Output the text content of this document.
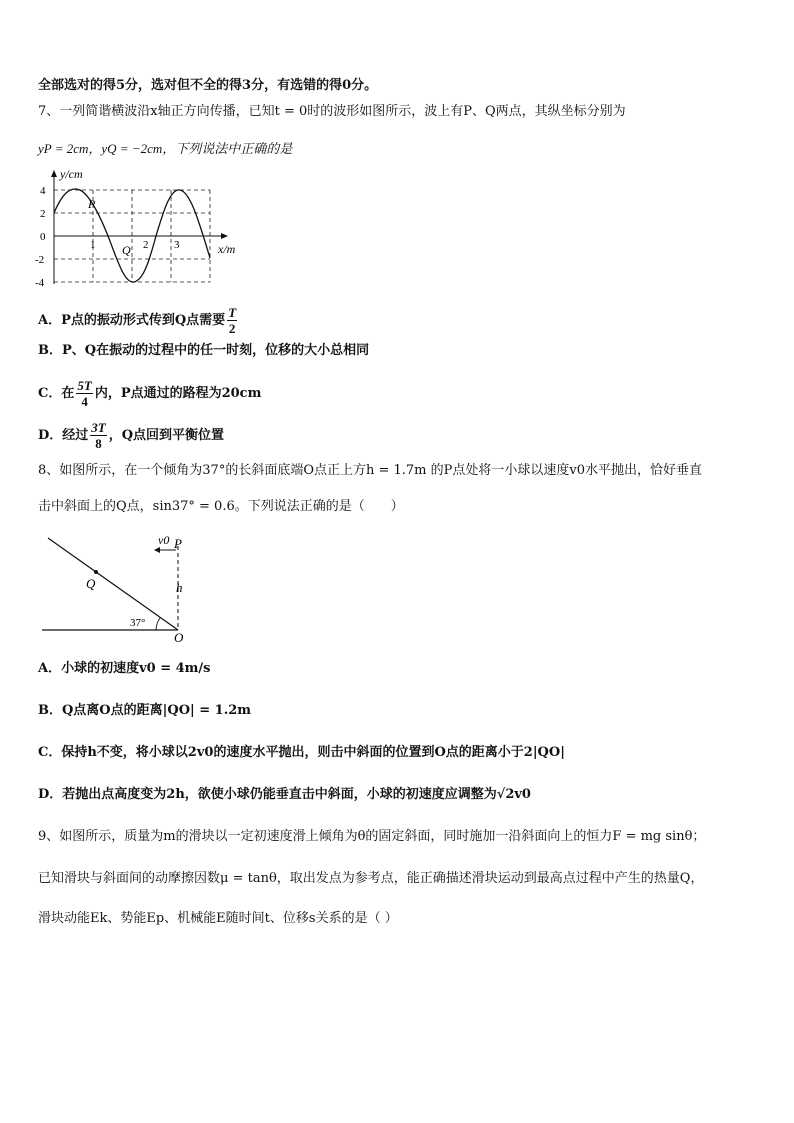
全部选对的得5分，选对但不全的得3分，有选错的得0分。
7、一列简谐横波沿x轴正方向传播，已知t = 0时的波形如图所示，波上有P、Q两点，其纵坐标分别为
yP = 2cm，yQ = −2cm，下列说法中正确的是
y/cm
x/m
4
2
0
-2
-4
1	2 3
P
Q
A．P点的振动形式传到Q点需要 $\frac{T}{2}$
B．P、Q在振动的过程中的任一时刻，位移的大小总相同
C．在 $\frac{5T}{4}$ 内，P点通过的路程为20cm
D．经过 $\frac{3T}{8}$ ，Q点回到平衡位置
8、如图所示，在一个倾角为37°的长斜面底端O点正上方h = 1.7m 的P点处将一小球以速度v0水平抛出，恰好垂直
击中斜面上的Q点，sin37° = 0.6。下列说法正确的是（　　）
v0 P
h
Q
37°
O
A．小球的初速度v0 = 4m/s
B．Q点离O点的距离|QO| = 1.2m
C．保持h不变，将小球以2v0的速度水平抛出，则击中斜面的位置到O点的距离小于2|QO|
D．若抛出点高度变为2h，欲使小球仍能垂直击中斜面，小球的初速度应调整为√2v0
9、如图所示，质量为m的滑块以一定初速度滑上倾角为θ的固定斜面，同时施加一沿斜面向上的恒力F = mg sinθ；
已知滑块与斜面间的动摩擦因数μ = tanθ，取出发点为参考点，能正确描述滑块运动到最高点过程中产生的热量Q，
滑块动能Ek、势能Ep、机械能E随时间t、位移s关系的是（ ）
